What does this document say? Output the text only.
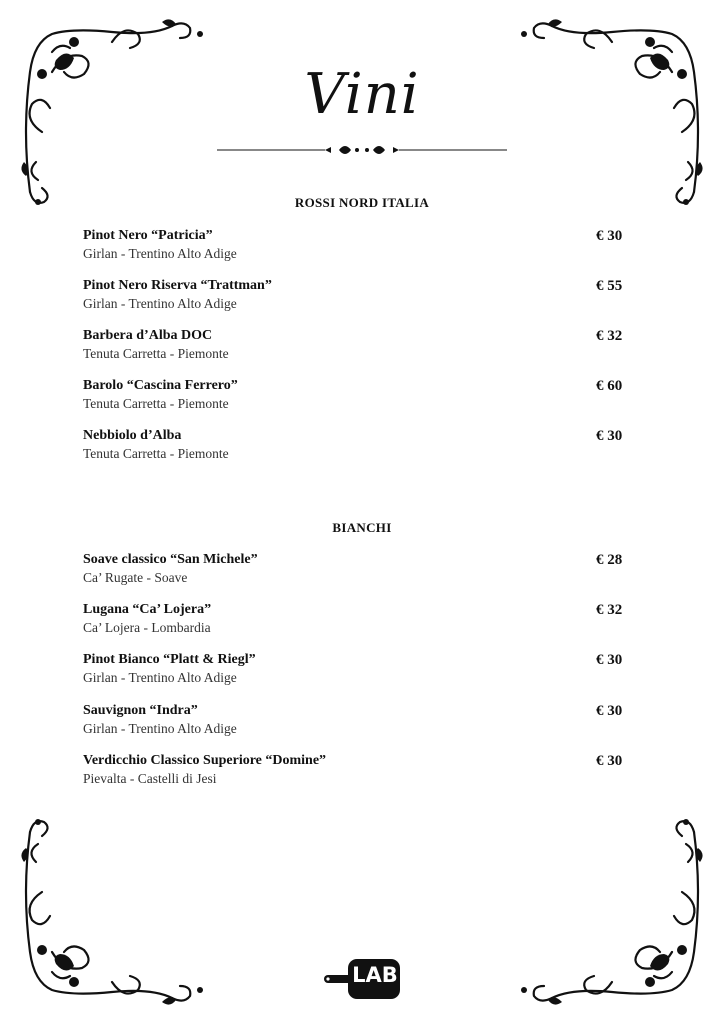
Vini
ROSSI NORD ITALIA
Pinot Nero “Patricia”
Girlan - Trentino Alto Adige
€ 30
Pinot Nero Riserva “Trattman”
Girlan - Trentino Alto Adige
€ 55
Barbera d’Alba DOC
Tenuta Carretta - Piemonte
€ 32
Barolo “Cascina Ferrero”
Tenuta Carretta - Piemonte
€ 60
Nebbiolo d’Alba
Tenuta Carretta - Piemonte
€ 30
BIANCHI
Soave classico “San Michele”
Ca’ Rugate - Soave
€ 28
Lugana “Ca’ Lojera”
Ca’ Lojera - Lombardia
€ 32
Pinot Bianco “Platt & Riegl”
Girlan - Trentino Alto Adige
€ 30
Sauvignon “Indra”
Girlan - Trentino Alto Adige
€ 30
Verdicchio Classico Superiore “Domine”
Pievalta - Castelli di Jesi
€ 30
LAB
